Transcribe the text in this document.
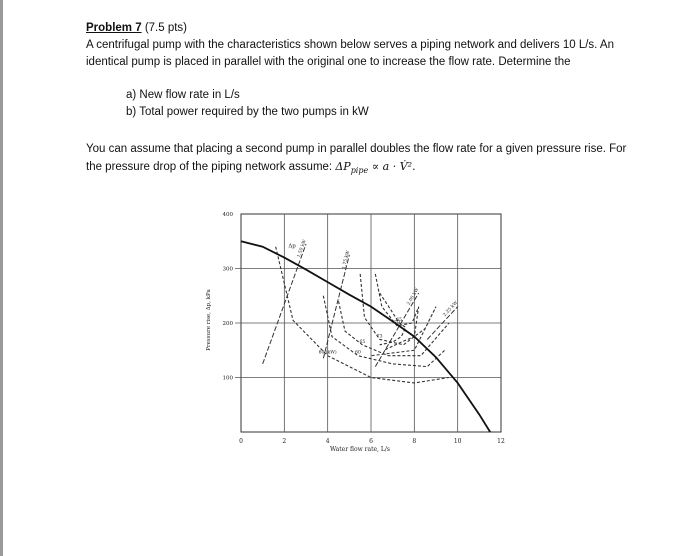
Problem 7 (7.5 pts)

A centrifugal pump with the characteristics shown below serves a piping network and delivers 10 L/s. An

identical pump is placed in parallel with the original one to increase the flow rate. Determine the

a) New flow rate in L/s
b) Total power required by the two pumps in kW

You can assume that placing a second pump in parallel doubles the flow rate for a given pressure rise. For

the pressure drop of the piping network assume: $\Delta P_{pipe} \propto a$ · V̇².

65
70
73
65
60
60 (kW)
1.50 kW
1.75 kW
2.00 kW
2.25 kW
Δp
0	2	4	6	8	10	12
100
200
300
400
Water flow rate, L/s
Pressure rise, Δp, kPa
